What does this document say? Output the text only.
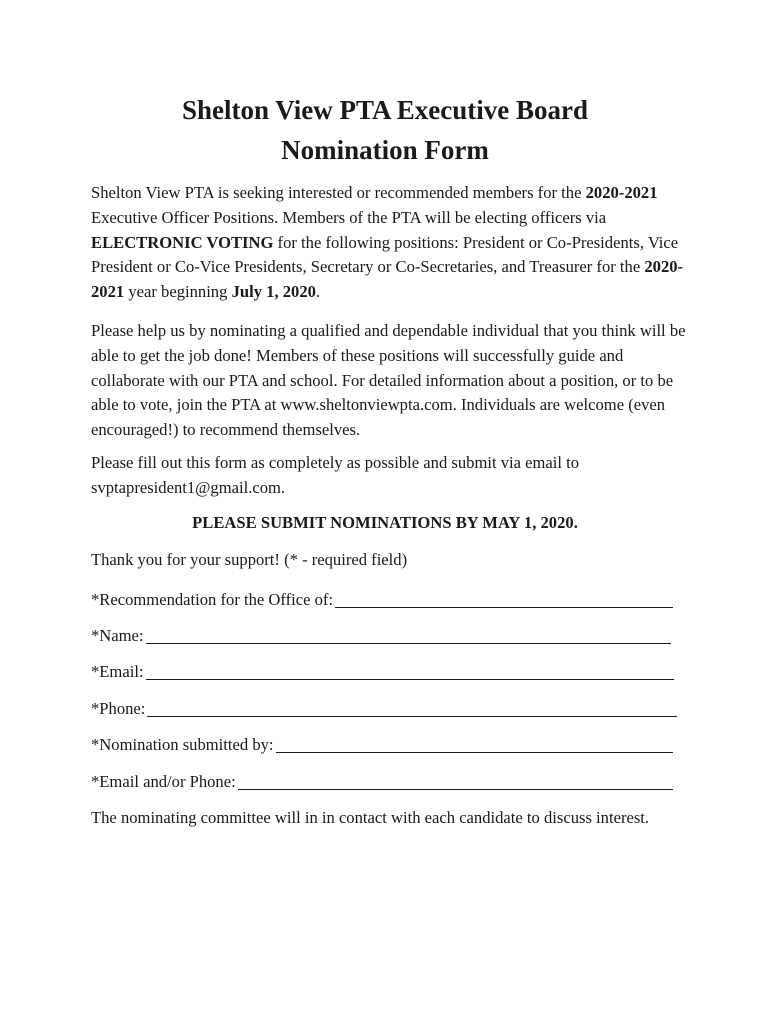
Shelton View PTA Executive Board
Nomination Form

Shelton View PTA is seeking interested or recommended members for the 2020-2021 Executive Officer Positions. Members of the PTA will be electing officers via ELECTRONIC VOTING for the following positions: President or Co-Presidents, Vice President or Co-Vice Presidents, Secretary or Co-Secretaries, and Treasurer for the 2020-2021 year beginning July 1, 2020.

Please help us by nominating a qualified and dependable individual that you think will be able to get the job done! Members of these positions will successfully guide and collaborate with our PTA and school. For detailed information about a position, or to be able to vote, join the PTA at www.sheltonviewpta.com. Individuals are welcome (even encouraged!) to recommend themselves.

Please fill out this form as completely as possible and submit via email to svptapresident1@gmail.com.

PLEASE SUBMIT NOMINATIONS BY MAY 1, 2020.

Thank you for your support! (* - required field)

*Recommendation for the Office of:
*Name:
*Email:
*Phone:
*Nomination submitted by:
*Email and/or Phone:

The nominating committee will in in contact with each candidate to discuss interest.
